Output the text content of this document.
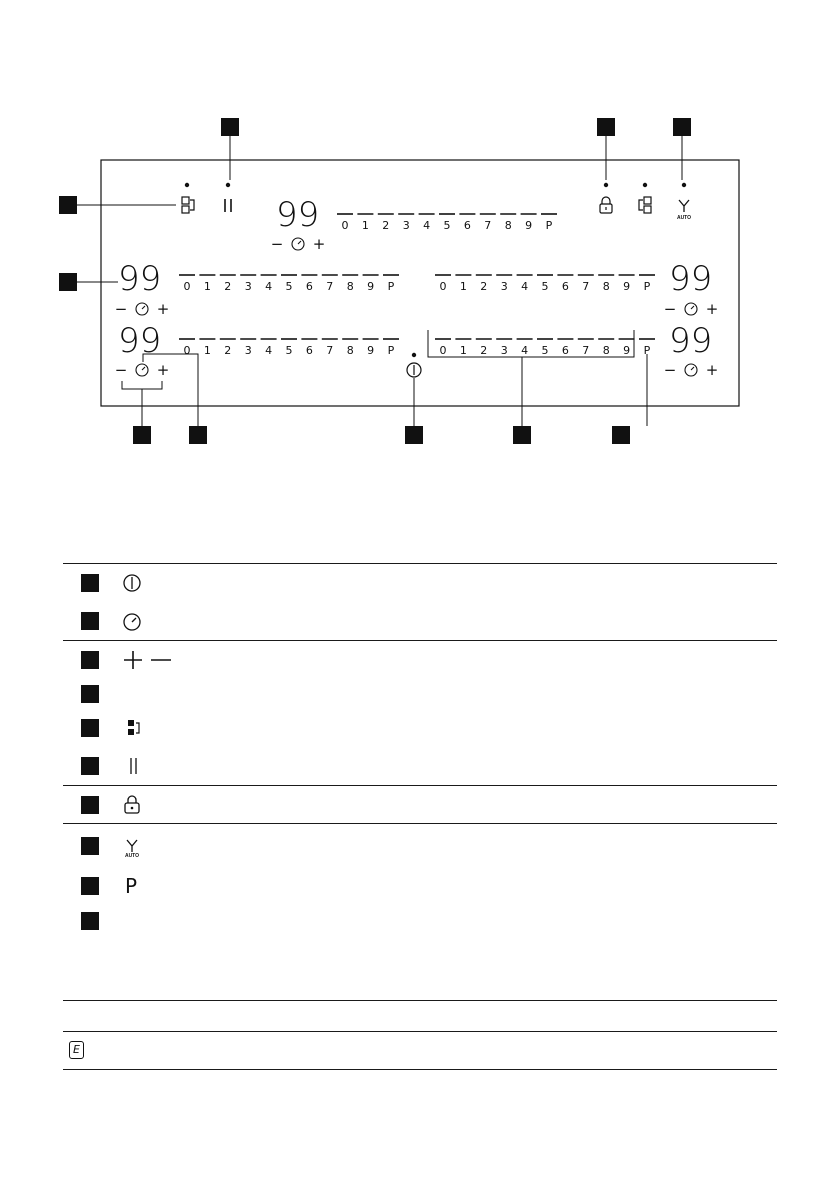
AUTO
99 0 1 2 3 4 5 6 7 8 9 P
− +
99 0 1 2 3 4 5 6 7 8 9 P
− +
0 1 2 3 4 5 6 7 8 9 P 99
− +
99 0 1 2 3 4 5 6 7 8 9 P
− +
0 1 2 3 4 5 6 7 8 9 P 99
− +
AUTO
P
E
